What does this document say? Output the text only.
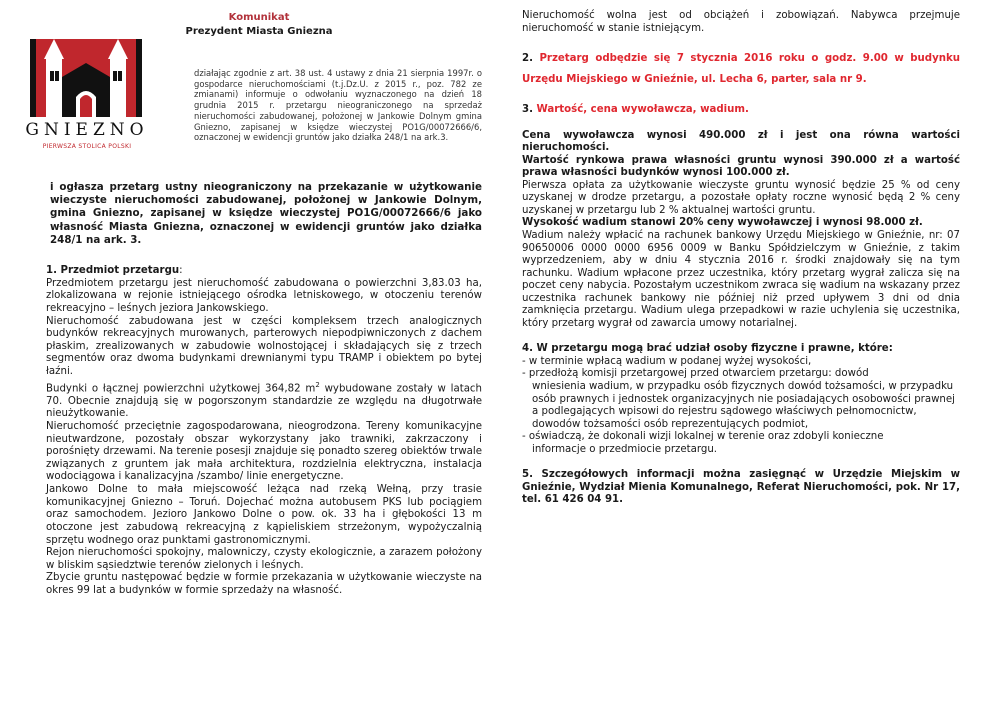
Komunikat

Prezydent Miasta Gniezna

GNIEZNO
PIERWSZA STOLICA POLSKI

działając zgodnie z art. 38 ust. 4 ustawy z dnia 21 sierpnia 1997r. o gospodarce nieruchomościami (t.j.Dz.U. z 2015 r., poz. 782 ze zmianami) informuje o odwołaniu wyznaczonego na dzień 18 grudnia 2015 r. przetargu nieograniczonego na sprzedaż nieruchomości zabudowanej, położonej w Jankowie Dolnym gmina Gniezno, zapisanej w księdze wieczystej PO1G/00072666/6, oznaczonej w ewidencji gruntów jako działka 248/1 na ark.3.

i ogłasza przetarg ustny nieograniczony na przekazanie w użytkowanie wieczyste nieruchomości zabudowanej, położonej w Jankowie Dolnym, gmina Gniezno, zapisanej w księdze wieczystej PO1G/00072666/6 jako własność Miasta Gniezna, oznaczonej w ewidencji gruntów jako działka 248/1 na ark. 3.

1. Przedmiot przetargu:

Przedmiotem przetargu jest nieruchomość zabudowana o powierzchni 3,83.03 ha, zlokalizowana w rejonie istniejącego ośrodka letniskowego, w otoczeniu terenów rekreacyjno – leśnych jeziora Jankowskiego.

Nieruchomość zabudowana jest w części kompleksem trzech analogicznych budynków rekreacyjnych murowanych, parterowych niepodpiwniczonych z dachem płaskim, zrealizowanych w zabudowie wolnostojącej i składających się z trzech segmentów oraz dwoma budynkami drewnianymi typu TRAMP i obiektem po bytej łaźni.

Budynki o łącznej powierzchni użytkowej 364,82 $m^2$ wybudowane zostały w latach 70. Obecnie znajdują się w pogorszonym standardzie ze względu na długotrwałe nieużytkowanie.

Nieruchomość przeciętnie zagospodarowana, nieogrodzona. Tereny komunikacyjne nieutwardzone, pozostały obszar wykorzystany jako trawniki, zakrzaczony i porośnięty drzewami. Na terenie posesji znajduje się ponadto szereg obiektów trwale związanych z gruntem jak mała architektura, rozdzielnia elektryczna, instalacja wodociągowa i kanalizacyjna /szambo/ linie energetyczne.

Jankowo Dolne to mała miejscowość leżąca nad rzeką Wełną, przy trasie komunikacyjnej Gniezno – Toruń. Dojechać można autobusem PKS lub pociągiem oraz samochodem. Jezioro Jankowo Dolne o pow. ok. 33 ha i głębokości 13 m otoczone jest zabudową rekreacyjną z kąpieliskiem strzeżonym, wypożyczalnią sprzętu wodnego oraz punktami gastronomicznymi.

Rejon nieruchomości spokojny, malowniczy, czysty ekologicznie, a zarazem położony w bliskim sąsiedztwie terenów zielonych i leśnych.

Zbycie gruntu następować będzie w formie przekazania w użytkowanie wieczyste na okres 99 lat a budynków w formie sprzedaży na własność.

Nieruchomość wolna jest od obciążeń i zobowiązań. Nabywca przejmuje nieruchomość w stanie istniejącym.

2. Przetarg odbędzie się 7 stycznia 2016 roku o godz. 9.00 w budynku Urzędu Miejskiego w Gnieźnie, ul. Lecha 6, parter, sala nr 9.

3. Wartość, cena wywoławcza, wadium.

Cena wywoławcza wynosi 490.000 zł i jest ona równa wartości nieruchomości.

Wartość rynkowa prawa własności gruntu wynosi 390.000 zł a wartość prawa własności budynków wynosi 100.000 zł.

Pierwsza opłata za użytkowanie wieczyste gruntu wynosić będzie 25 % od ceny uzyskanej w drodze przetargu, a pozostałe opłaty roczne wynosić będą 2 % ceny uzyskanej w przetargu lub 2 % aktualnej wartości gruntu.

Wysokość wadium stanowi 20% ceny wywoławczej i wynosi 98.000 zł.

Wadium należy wpłacić na rachunek bankowy Urzędu Miejskiego w Gnieźnie, nr: 07 90650006 0000 0000 6956 0009 w Banku Spółdzielczym w Gnieźnie, z takim wyprzedzeniem, aby w dniu 4 stycznia 2016 r. środki znajdowały się na tym rachunku. Wadium wpłacone przez uczestnika, który przetarg wygrał zalicza się na poczet ceny nabycia. Pozostałym uczestnikom zwraca się wadium na wskazany przez uczestnika rachunek bankowy nie później niż przed upływem 3 dni od dnia zamknięcia przetargu. Wadium ulega przepadkowi w razie uchylenia się uczestnika, który przetarg wygrał od zawarcia umowy notarialnej.

4. W przetargu mogą brać udział osoby fizyczne i prawne, które:

- w terminie wpłacą wadium w podanej wyżej wysokości,

- przedłożą komisji przetargowej przed otwarciem przetargu: dowód

wniesienia wadium, w przypadku osób fizycznych dowód tożsamości, w przypadku osób prawnych i jednostek organizacyjnych nie posiadających osobowości prawnej a podlegających wpisowi do rejestru sądowego właściwych pełnomocnictw, dowodów tożsamości osób reprezentujących podmiot,

- oświadczą, że dokonali wizji lokalnej w terenie oraz zdobyli konieczne

informacje o przedmiocie przetargu.

5. Szczegółowych informacji można zasięgnąć w Urzędzie Miejskim w Gnieźnie, Wydział Mienia Komunalnego, Referat Nieruchomości, pok. Nr 17, tel. 61 426 04 91.
